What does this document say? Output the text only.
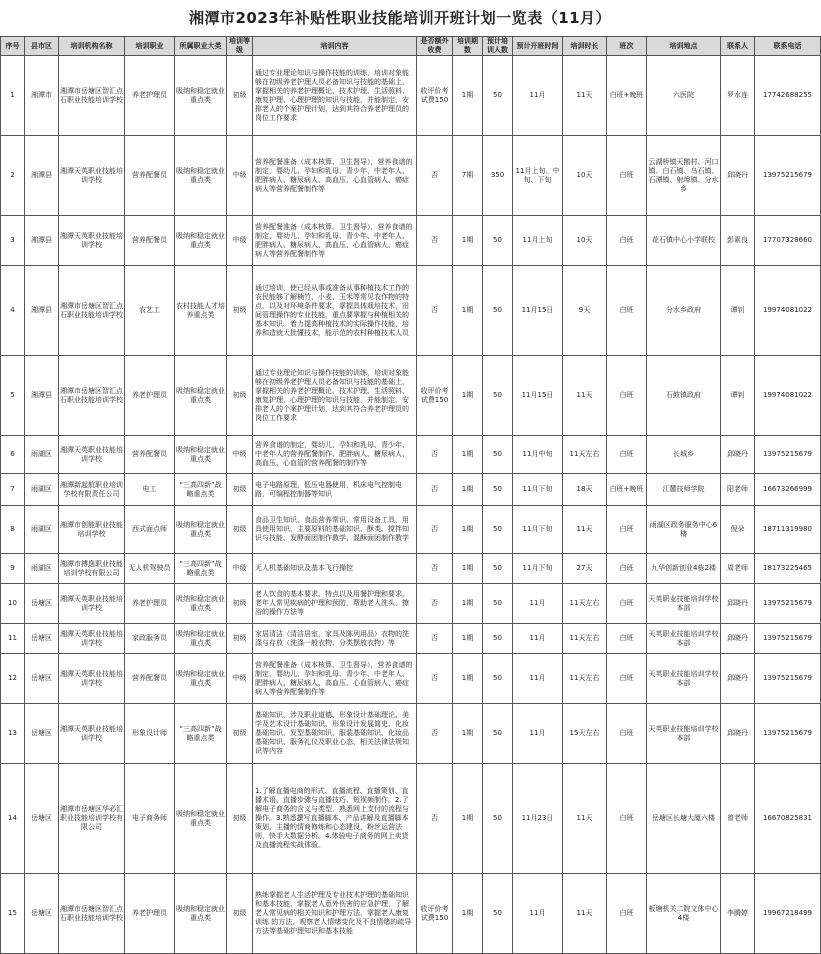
湘潭市2023年补贴性职业技能培训开班计划一览表（11月）
序号	县市区	培训机构名称	培训职业	所属职业大类	培训等级	培训内容	是否额外收费	培训期数	预计培训人数	预计开班时间	培训时长	班次	培训地点	联系人	联系电话
1	湘潭市	湘潭市岳塘区智汇点石职业技能培训学校	养老护理员	吸纳和稳定就业重点类	初级	通过专业理论知识与操作技能的训练，培训对象能够在初级养老护理人员必备知识与技能的基础上，掌握相关的养老护理概论、技术护理、生活照料、康复护理、心理护理的知识与技能，并能制定、安排老人的个案护理计划，达到其符合养老护理员的岗位工作要求	收评价考试费150	1期	50	11月	11天	白班+晚班	六医院	罗水连	17742688255
2	湘潭县	湘潭天英职业技能培训学校	营养配餐员	吸纳和稳定就业重点类	中级	营养配餐准备（成本核算、卫生督导），营养食谱的制定，婴幼儿、孕妇和乳母、青少年、中老年人、肥胖病人、糖尿病人、高血压、心血管病人、癌症病人等营养配餐制作等	否	7期	350	11月上旬、中旬、下旬	10天	白班	云湖桥镇天鹅村、河口镇、白石镇、乌石镇、石潭镇、射埠镇、分水乡	邱晓丹	13975215679
3	湘潭县	湘潭天英职业技能培训学校	营养配餐员	吸纳和稳定就业重点类	中级	营养配餐准备（成本核算、卫生督导），营养食谱的制定，婴幼儿、孕妇和乳母、青少年、中老年人、肥胖病人、糖尿病人、高血压、心血管病人、癌症病人等营养配餐制作等	否	1期	50	11月上旬	10天	白班	花石镇中心小学联校	彭素良	17707328660
4	湘潭县	湘潭市岳塘区智汇点石职业技能培训学校	农艺工	农村技能人才培养重点类	初级	通过培训，使已经从事或准备从事种植技术工作的农民能够了解楠竹、小麦、玉米等常见农作物的特点，以及对环境条件要求，掌握具体栽培技术，田间管理操作的专业技能，重点要掌握与种植相关的基本知识。着力提高种植技术的实际操作技能，培养和造就大批懂技术，能示范的农村种植技术人员	否	1期	50	11月15日	9天	白班	分水乡政府	谭钊	19974081022
5	湘潭县	湘潭市岳塘区智汇点石职业技能培训学校	养老护理员	吸纳和稳定就业重点类	初级	通过专业理论知识与操作技能的训练，培训对象能够在初级养老护理人员必备知识与技能的基础上，掌握相关的养老护理概论、技术护理、生活照料、康复护理、心理护理的知识与技能，并能制定、安排老人的个案护理计划，达到其符合养老护理员的岗位工作要求	收评价考试费150	1期	50	11月15日	11天	白班	石鼓镇政府	谭钊	19974081022
6	雨湖区	湘潭天英职业技能培训学校	营养配餐员	吸纳和稳定就业重点类	中级	营养食谱的制定，婴幼儿、孕妇和乳母、青少年、中老年人的营养配餐制作、肥胖病人、糖尿病人、高血压、心血管的营养配餐的制作等	否	1期	50	11月中旬	11天左右	白班	长城乡	邱晓丹	13975215679
7	雨湖区	湘潭新起航职业培训学校有限责任公司	电工	“三高四新”战略重点类	初级	电子电路原理，低压电器使用，机床电气控制电路，可编程控制器等知识	否	1期	50	11月下旬	18天	白班+晚班	江麓技师学院	阳老师	16673266999
8	雨湖区	湘潭市创能职业技能培训学校	西式面点师	吸纳和稳定就业重点类	初级	食品卫生知识、食品营养常识、常用设备工具，用具使用知识、主要原料的基础知识、酥类、搅拌知识与技能、发酵面团制作教学、混酥面团制作教学	否	1期	50	11月下旬	11天	白班	雨湖区政务服务中心6楼	倪朵	18711319980
9	雨湖区	湘潭市搏逸职业技能培训学校有限公司	无人机驾驶员	“三高四新”战略重点类	中级	无人机基础知识及基本飞行操控	否	1期	50	11月下旬	27天	白班	九华创新创业4栋2楼	周老师	18173225465
10	岳塘区	湘潭天英职业技能培训学校	养老护理员	吸纳和稳定就业重点类	初级	老人饮食的基本要求、特点以及用餐护理和要求，老年人常见疾病的护理和预防，帮助老人洗头、擦浴的操作方法等	否	1期	50	11月	11天左右	白班	天英职业技能培训学校本部	邱晓丹	13975215679
11	岳塘区	湘潭天英职业技能培训学校	家政服务员	吸纳和稳定就业重点类	初级	家居清洁（清洁居室，家具及陈列用品）衣物的洗涤与存放（洗涤一般衣物、分类摆放衣物）等	否	1期	50	11月	11天左右	白班	天英职业技能培训学校本部	邱晓丹	13975215679
12	岳塘区	湘潭天英职业技能培训学校	营养配餐员	吸纳和稳定就业重点类	中级	营养配餐准备（成本核算、卫生督导），营养食谱的制定，婴幼儿、孕妇和乳母、青少年、中老年人、肥胖病人、糖尿病人、高血压、心血管病人、癌症病人等营养配餐制作等	否	1期	50	11月	11天左右	白班	天英职业技能培训学校本部	邱晓丹	13975215679
13	岳塘区	湘潭天英职业技能培训学校	形象设计师	“三高四新”战略重点类	初级	基础知识，涉及职业道德、形象设计基础理论、美学及艺术设计基础知识、形象设计发展简史、化妆基础知识、发型基础知识、服装基础知识、化妆品基础知识、服务礼仪及职业心态、相关法律法规知识等内容	否	1期	50	11月	15天左右	白班	天英职业技能培训学校本部	邱晓丹	13975215679
14	岳塘区	湘潭市岳塘区华必汇职业技能培训学校有限公司	电子商务师	吸纳和稳定就业重点类	初级	1.了解直播电商的形式、直播流程、直播策划、直播术语、直播步骤与直播技巧、短视频制作。2.了解电子商务的含义与类型，熟悉网上支付的流程与操作。3.熟悉撰写直播脚本、产品讲解及直播脚本策划、主播的情商修炼和心态建设，粉丝运营法则，快手大数据分析。4.体验电子商务的网上卖货及直播流程实战体验。	否	1期	50	11月23日	11天	白班	岳塘区长塘大厦六楼	曾老师	16670825831
15	岳塘区	湘潭市岳塘区智汇点石职业技能培训学校	养老护理员	吸纳和稳定就业重点类	初级	熟练掌握老人生活护理及专业技术护理的基础知识和基本技能，掌握老人意外伤害的应急护理，了解老人常见病的相关知识和护理方法，掌握老人康复训练 的方法，观察老人情绪变化及不良情绪的疏导方法等基础护理知识和基本技能	收评价考试费150	1期	50	11月	11天	白班	板塘机关二院文体中心4楼	李腾婷	19967218499
